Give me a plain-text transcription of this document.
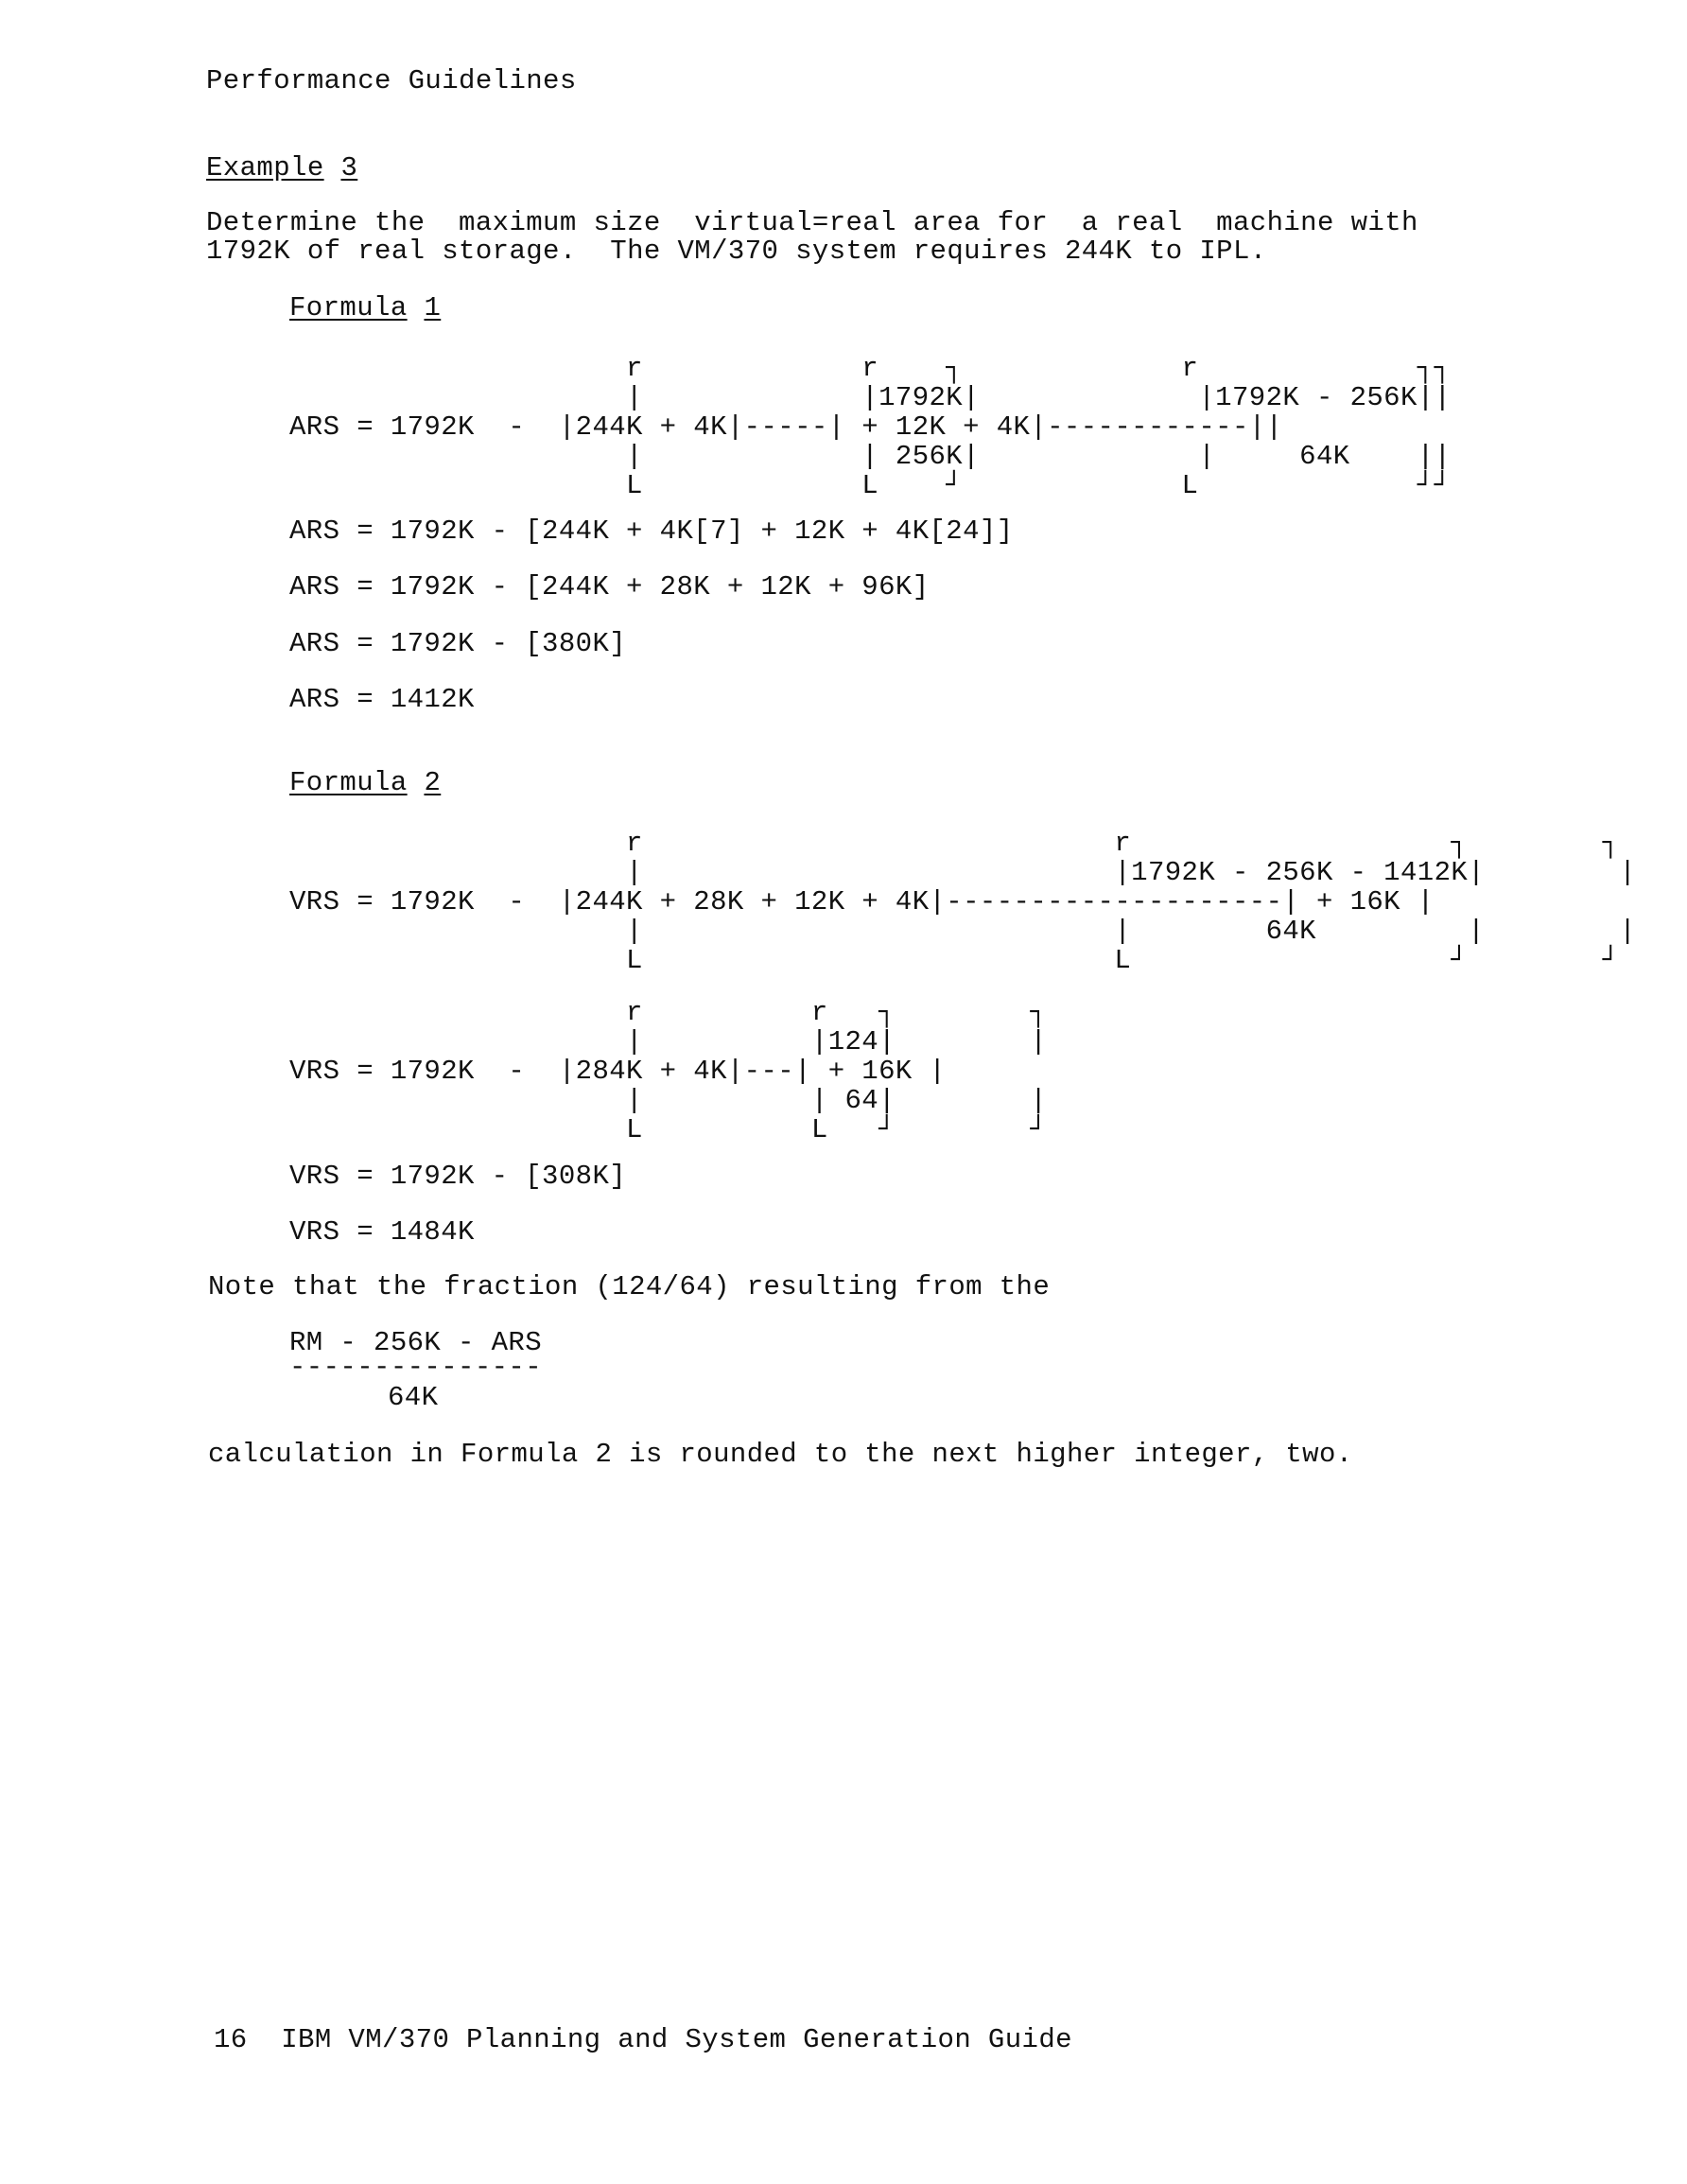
Performance Guidelines
Example 3
Determine the  maximum size  virtual=real area for  a real  machine with
1792K of real storage.  The VM/370 system requires 244K to IPL.
Formula 1
r             r    ┐             r             ┐┐
|             |1792K|             |1792K - 256K||
ARS = 1792K  -  |244K + 4K|-----| + 12K + 4K|------------||
|             | 256K|             |     64K    ||
L             L    ┘             L             ┘┘
ARS = 1792K - [244K + 4K[7] + 12K + 4K[24]]
ARS = 1792K - [244K + 28K + 12K + 96K]
ARS = 1792K - [380K]
ARS = 1412K
Formula 2
r                            r                   ┐        ┐
|                            |1792K - 256K - 1412K|        |
VRS = 1792K  -  |244K + 28K + 12K + 4K|--------------------| + 16K |
|                            |        64K         |        |
L                            L                   ┘        ┘
r          r   ┐        ┐
|          |124|        |
VRS = 1792K  -  |284K + 4K|---| + 16K |
|          | 64|        |
L          L   ┘        ┘
VRS = 1792K - [308K]
VRS = 1484K
Note that the fraction (124/64) resulting from the
RM - 256K - ARS
---------------
64K
calculation in Formula 2 is rounded to the next higher integer, two.
16 IBM VM/370 Planning and System Generation Guide
